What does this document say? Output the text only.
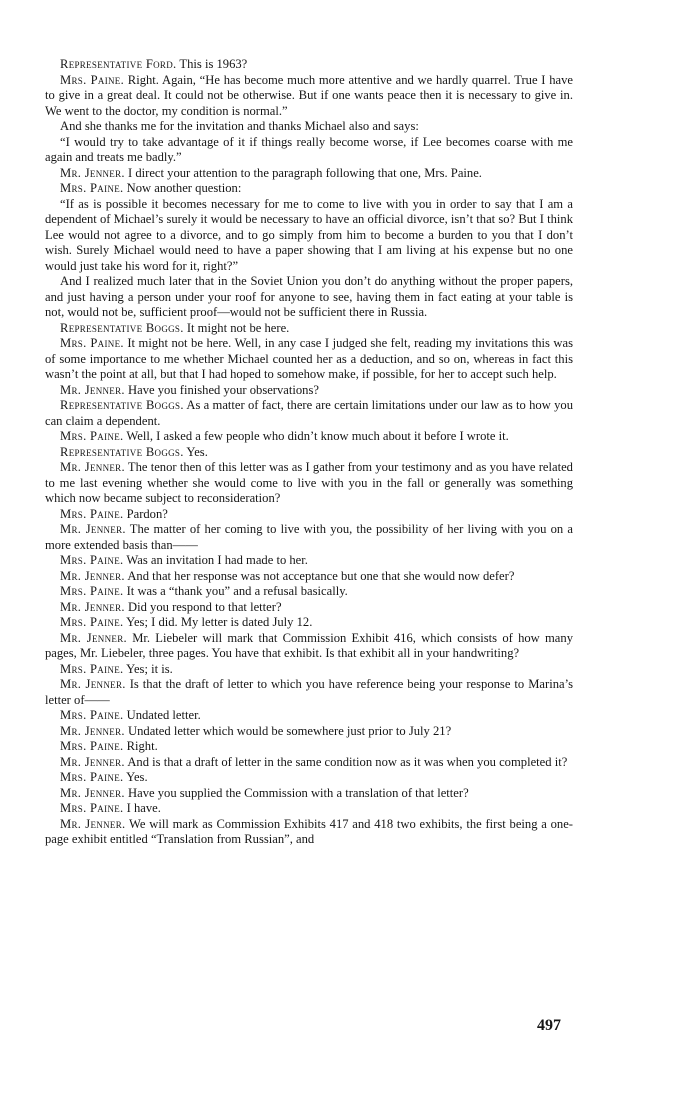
Representative Ford. This is 1963?

Mrs. Paine. Right. Again, “He has become much more attentive and we hardly quarrel. True I have to give in a great deal. It could not be otherwise. But if one wants peace then it is necessary to give in. We went to the doctor, my condition is normal.”

And she thanks me for the invitation and thanks Michael also and says:

“I would try to take advantage of it if things really become worse, if Lee becomes coarse with me again and treats me badly.”

Mr. Jenner. I direct your attention to the paragraph following that one, Mrs. Paine.

Mrs. Paine. Now another question:

“If as is possible it becomes necessary for me to come to live with you in order to say that I am a dependent of Michael’s surely it would be necessary to have an official divorce, isn’t that so? But I think Lee would not agree to a divorce, and to go simply from him to become a burden to you that I don’t wish. Surely Michael would need to have a paper showing that I am living at his expense but no one would just take his word for it, right?”

And I realized much later that in the Soviet Union you don’t do anything without the proper papers, and just having a person under your roof for anyone to see, having them in fact eating at your table is not, would not be, sufficient proof—would not be sufficient there in Russia.

Representative Boggs. It might not be here.

Mrs. Paine. It might not be here. Well, in any case I judged she felt, reading my invitations this was of some importance to me whether Michael counted her as a deduction, and so on, whereas in fact this wasn’t the point at all, but that I had hoped to somehow make, if possible, for her to accept such help.

Mr. Jenner. Have you finished your observations?

Representative Boggs. As a matter of fact, there are certain limitations under our law as to how you can claim a dependent.

Mrs. Paine. Well, I asked a few people who didn’t know much about it before I wrote it.

Representative Boggs. Yes.

Mr. Jenner. The tenor then of this letter was as I gather from your testimony and as you have related to me last evening whether she would come to live with you in the fall or generally was something which now became subject to reconsideration?

Mrs. Paine. Pardon?

Mr. Jenner. The matter of her coming to live with you, the possibility of her living with you on a more extended basis than——

Mrs. Paine. Was an invitation I had made to her.

Mr. Jenner. And that her response was not acceptance but one that she would now defer?

Mrs. Paine. It was a “thank you” and a refusal basically.

Mr. Jenner. Did you respond to that letter?

Mrs. Paine. Yes; I did. My letter is dated July 12.

Mr. Jenner. Mr. Liebeler will mark that Commission Exhibit 416, which consists of how many pages, Mr. Liebeler, three pages. You have that exhibit. Is that exhibit all in your handwriting?

Mrs. Paine. Yes; it is.

Mr. Jenner. Is that the draft of letter to which you have reference being your response to Marina’s letter of——

Mrs. Paine. Undated letter.

Mr. Jenner. Undated letter which would be somewhere just prior to July 21?

Mrs. Paine. Right.

Mr. Jenner. And is that a draft of letter in the same condition now as it was when you completed it?

Mrs. Paine. Yes.

Mr. Jenner. Have you supplied the Commission with a translation of that letter?

Mrs. Paine. I have.

Mr. Jenner. We will mark as Commission Exhibits 417 and 418 two exhibits, the first being a one-page exhibit entitled “Translation from Russian”, and

497
